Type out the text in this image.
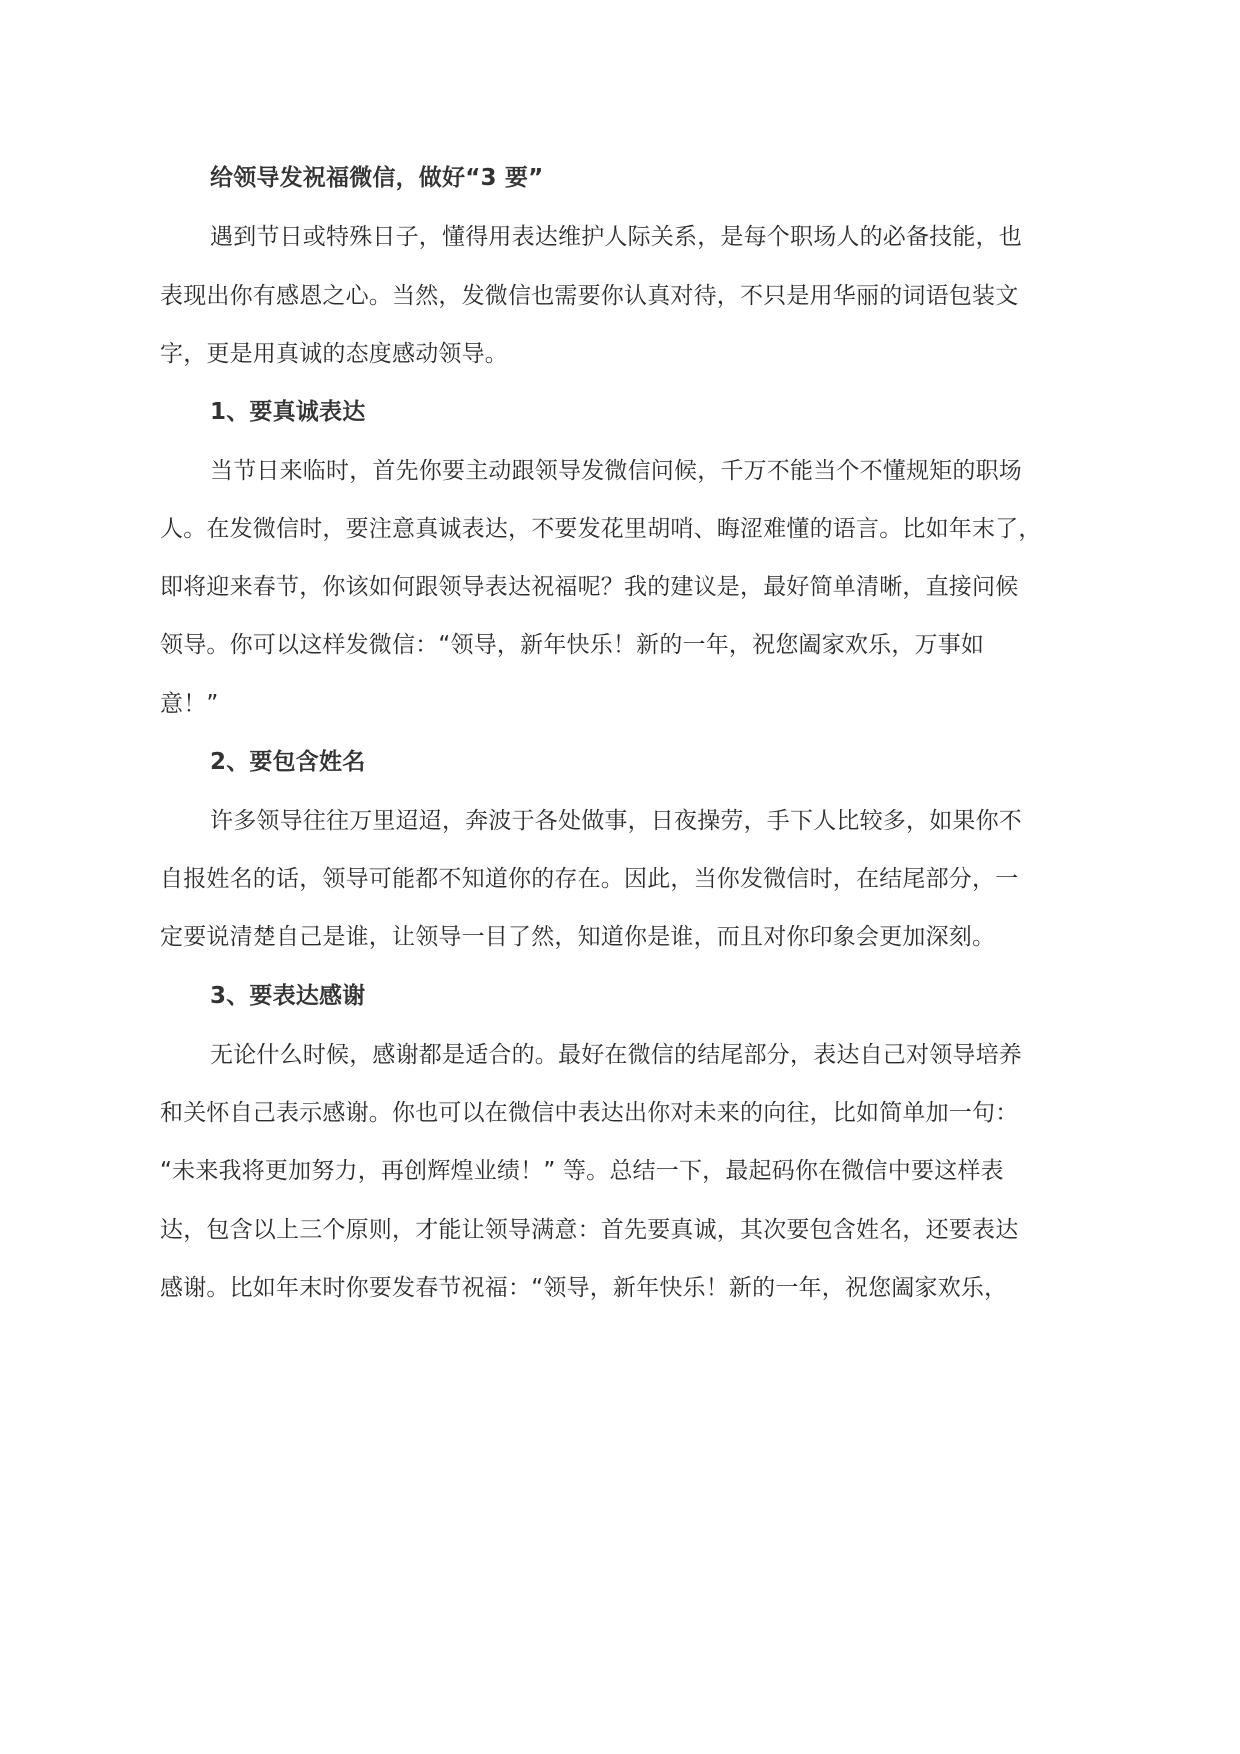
给领导发祝福微信，做好“3 要”
遇到节日或特殊日子，懂得用表达维护人际关系，是每个职场人的必备技能，也
表现出你有感恩之心。当然，发微信也需要你认真对待，不只是用华丽的词语包装文
字，更是用真诚的态度感动领导。
1、要真诚表达
当节日来临时，首先你要主动跟领导发微信问候，千万不能当个不懂规矩的职场
人。在发微信时，要注意真诚表达，不要发花里胡哨、晦涩难懂的语言。比如年末了，
即将迎来春节，你该如何跟领导表达祝福呢？我的建议是，最好简单清晰，直接问候
领导。你可以这样发微信：“领导，新年快乐！新的一年，祝您阖家欢乐，万事如
意！”
2、要包含姓名
许多领导往往万里迢迢，奔波于各处做事，日夜操劳，手下人比较多，如果你不
自报姓名的话，领导可能都不知道你的存在。因此，当你发微信时，在结尾部分，一
定要说清楚自己是谁，让领导一目了然，知道你是谁，而且对你印象会更加深刻。
3、要表达感谢
无论什么时候，感谢都是适合的。最好在微信的结尾部分，表达自己对领导培养
和关怀自己表示感谢。你也可以在微信中表达出你对未来的向往，比如简单加一句：
“未来我将更加努力，再创辉煌业绩！” 等。总结一下，最起码你在微信中要这样表
达，包含以上三个原则，才能让领导满意：首先要真诚，其次要包含姓名，还要表达
感谢。比如年末时你要发春节祝福：“领导，新年快乐！新的一年，祝您阖家欢乐，
